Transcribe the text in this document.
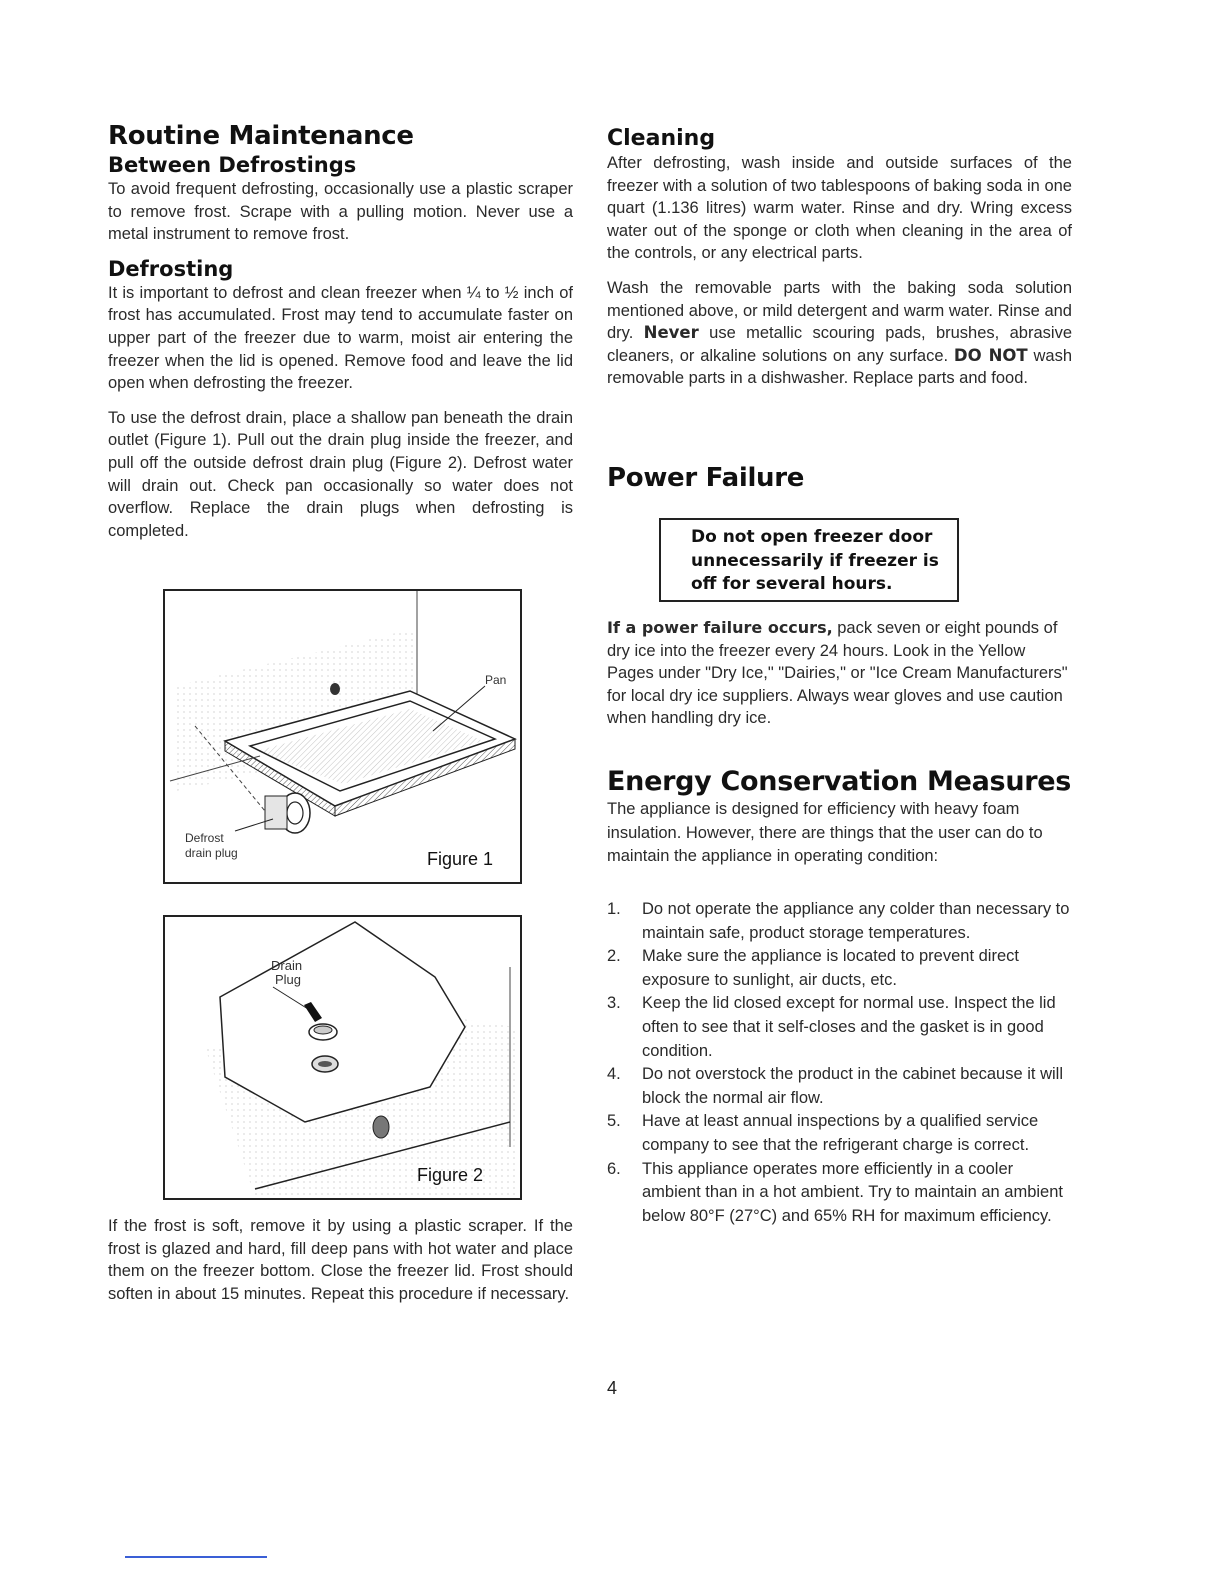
Routine Maintenance
Between Defrostings

To avoid frequent defrosting, occasionally use a plastic scraper to remove frost. Scrape with a pulling motion. Never use a metal instrument to remove frost.

Defrosting

It is important to defrost and clean freezer when ¼ to ½ inch of frost has accumulated. Frost may tend to accumulate faster on upper part of the freezer due to warm, moist air entering the freezer when the lid is opened. Remove food and leave the lid open when defrosting the freezer.

To use the defrost drain, place a shallow pan beneath the drain outlet (Figure 1). Pull out the drain plug inside the freezer, and pull off the outside defrost drain plug (Figure 2). Defrost water will drain out. Check pan occasionally so water does not overflow. Replace the drain plugs when defrosting is completed.

Pan
Defrost
drain plug	Figure 1
Drain
Plug
Figure 2

If the frost is soft, remove it by using a plastic scraper. If the frost is glazed and hard, fill deep pans with hot water and place them on the freezer bottom. Close the freezer lid. Frost should soften in about 15 minutes. Repeat this procedure if necessary.

Cleaning

After defrosting, wash inside and outside surfaces of the freezer with a solution of two tablespoons of baking soda in one quart (1.136 litres) warm water. Rinse and dry. Wring excess water out of the sponge or cloth when cleaning in the area of the controls, or any electrical parts.

Wash the removable parts with the baking soda solution mentioned above, or mild detergent and warm water. Rinse and dry. Never use metallic scouring pads, brushes, abrasive cleaners, or alkaline solutions on any surface. DO NOT wash removable parts in a dishwasher. Replace parts and food.

Power Failure
Do not open freezer door
unnecessarily if freezer is
off for several hours.

If a power failure occurs, pack seven or eight pounds of dry ice into the freezer every 24 hours. Look in the Yellow Pages under "Dry Ice," "Dairies," or "Ice Cream Manufacturers" for local dry ice suppliers. Always wear gloves and use caution when handling dry ice.

Energy Conservation Measures

The appliance is designed for efficiency with heavy foam insulation. However, there are things that the user can do to maintain the appliance in operating condition:

1. Do not operate the appliance any colder than necessary to maintain safe, product storage temperatures.
2. Make sure the appliance is located to prevent direct exposure to sunlight, air ducts, etc.
3. Keep the lid closed except for normal use. Inspect the lid often to see that it self-closes and the gasket is in good condition.
4. Do not overstock the product in the cabinet because it will block the normal air flow.
5. Have at least annual inspections by a qualified service company to see that the refrigerant charge is correct.
6. This appliance operates more efficiently in a cooler ambient than in a hot ambient. Try to maintain an ambient below 80°F (27°C) and 65% RH for maximum efficiency.
4
